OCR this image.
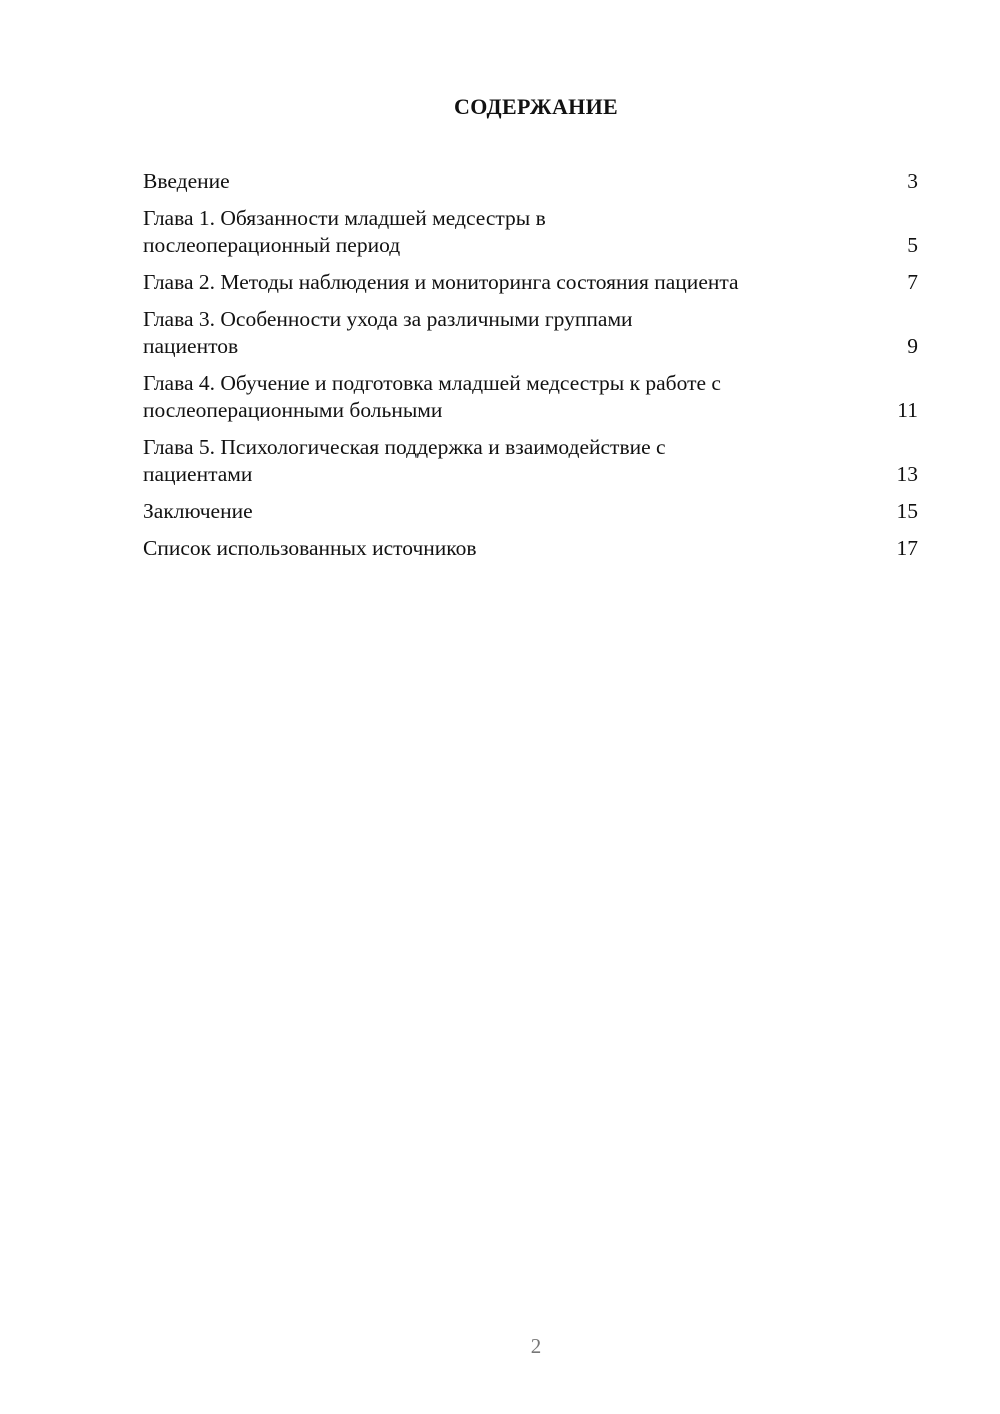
СОДЕРЖАНИЕ
Введение	3
Глава 1. Обязанности младшей медсестры в послеоперационный период	5
Глава 2. Методы наблюдения и мониторинга состояния пациента	7
Глава 3. Особенности ухода за различными группами пациентов	9
Глава 4. Обучение и подготовка младшей медсестры к работе с послеоперационными больными	11
Глава 5. Психологическая поддержка и взаимодействие с пациентами	13
Заключение	15
Список использованных источников	17
2
